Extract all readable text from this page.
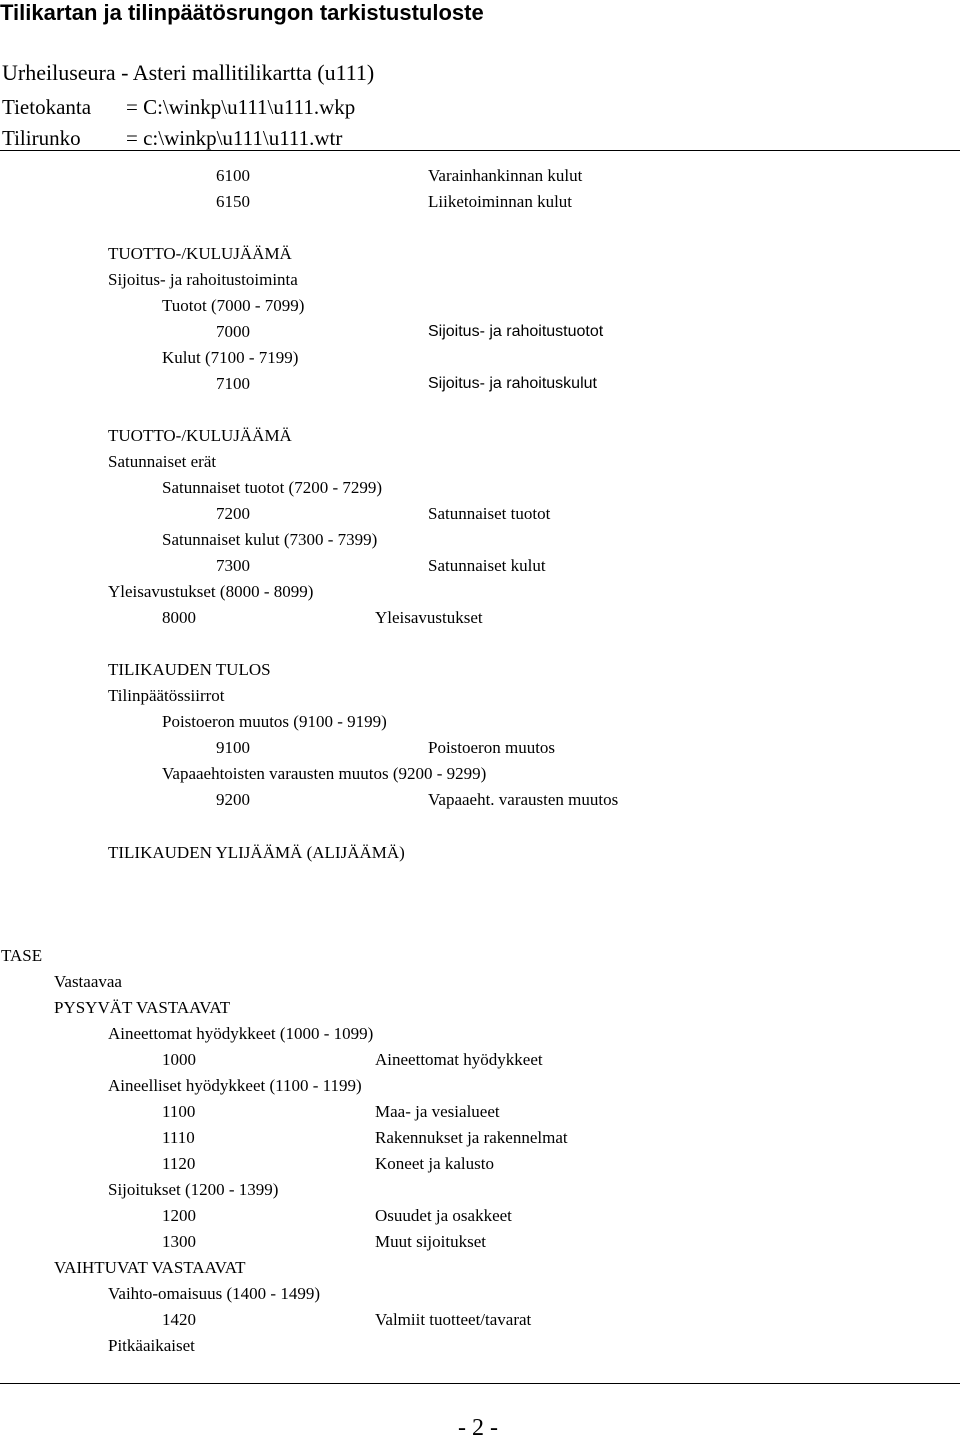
Tilikartan ja tilinpäätösrungon tarkistustuloste
Urheiluseura - Asteri mallitilikartta (u111)
Tietokanta = C:\winkp\u111\u111.wkp
Tilirunko = c:\winkp\u111\u111.wtr
6100	Varainhankinnan kulut
6150	Liiketoiminnan kulut
TUOTTO-/KULUJÄÄMÄ
Sijoitus- ja rahoitustoiminta
Tuotot (7000 - 7099)
7000	Sijoitus- ja rahoitustuotot
Kulut (7100 - 7199)
7100	Sijoitus- ja rahoituskulut
TUOTTO-/KULUJÄÄMÄ
Satunnaiset erät
Satunnaiset tuotot (7200 - 7299)
7200	Satunnaiset tuotot
Satunnaiset kulut (7300 - 7399)
7300	Satunnaiset kulut
Yleisavustukset (8000 - 8099)
8000	Yleisavustukset
TILIKAUDEN TULOS
Tilinpäätössiirrot
Poistoeron muutos (9100 - 9199)
9100	Poistoeron muutos
Vapaaehtoisten varausten muutos (9200 - 9299)
9200	Vapaaeht. varausten muutos
TILIKAUDEN YLIJÄÄMÄ (ALIJÄÄMÄ)
TASE
Vastaavaa
PYSYVÄT VASTAAVAT
Aineettomat hyödykkeet (1000 - 1099)
1000	Aineettomat hyödykkeet
Aineelliset hyödykkeet (1100 - 1199)
1100	Maa- ja vesialueet
1110	Rakennukset ja rakennelmat
1120	Koneet ja kalusto
Sijoitukset (1200 - 1399)
1200	Osuudet ja osakkeet
1300	Muut sijoitukset
VAIHTUVAT VASTAAVAT
Vaihto-omaisuus (1400 - 1499)
1420	Valmiit tuotteet/tavarat
Pitkäaikaiset
- 2 -
